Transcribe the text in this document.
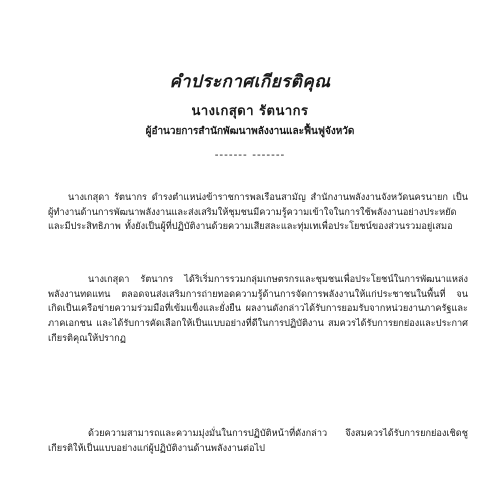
คำประกาศเกียรติคุณ
นางเกสุดา รัตนากร
ผู้อำนวยการสำนักพัฒนาพลังงานและฟื้นฟูจังหวัด
------- -------

นางเกสุดา รัตนากร ดำรงตำแหน่งข้าราชการพลเรือนสามัญ สำนักงานพลังงานจังหวัดนครนายก เป็นผู้ทำงานด้านการพัฒนาพลังงานและส่งเสริมให้ชุมชนมีความรู้ความเข้าใจในการใช้พลังงานอย่างประหยัดและมีประสิทธิภาพ ทั้งยังเป็นผู้ที่ปฏิบัติงานด้วยความเสียสละและทุ่มเทเพื่อประโยชน์ของส่วนรวมอยู่เสมอ

นางเกสุดา รัตนากร ได้ริเริ่มการรวมกลุ่มเกษตรกรและชุมชนเพื่อประโยชน์ในการพัฒนาแหล่งพลังงานทดแทน ตลอดจนส่งเสริมการถ่ายทอดความรู้ด้านการจัดการพลังงานให้แก่ประชาชนในพื้นที่ จนเกิดเป็นเครือข่ายความร่วมมือที่เข้มแข็งและยั่งยืน ผลงานดังกล่าวได้รับการยอมรับจากหน่วยงานภาครัฐและภาคเอกชน และได้รับการคัดเลือกให้เป็นแบบอย่างที่ดีในการปฏิบัติงาน สมควรได้รับการยกย่องและประกาศเกียรติคุณให้ปรากฏ

ด้วยความสามารถและความมุ่งมั่นในการปฏิบัติหน้าที่ดังกล่าว จึงสมควรได้รับการยกย่องเชิดชูเกียรติให้เป็นแบบอย่างแก่ผู้ปฏิบัติงานด้านพลังงานต่อไป
